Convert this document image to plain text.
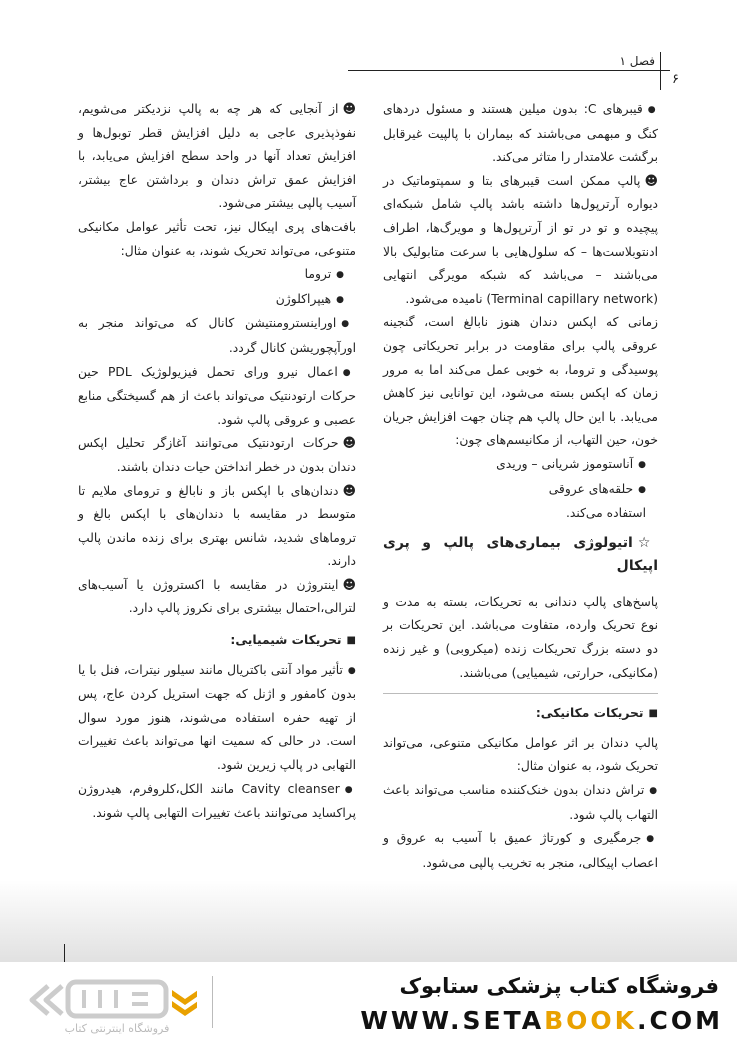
فصل ۱
۶

● قیبرهای C: بدون میلین هستند و مسئول دردهای کنگ و مبهمی می‌باشند که بیماران با پالپیت غیرقابل برگشت علامتدار را متاثر می‌کند.

☻ پالپ ممکن است قیبرهای بتا و سمپتوماتیک در دیواره آرترپول‌ها داشته باشد پالپ شامل شبکه‌ای پیچیده و تو در تو از آرترپول‌ها و مویرگ‌ها، اطراف ادنتوبلاست‌ها – که سلول‌هایی با سرعت متابولیک بالا می‌باشند – می‌باشد که شبکه مویرگی انتهایی (Terminal capillary network) نامیده می‌شود.

زمانی که اپکس دندان هنوز نابالغ است، گنجینه عروقی پالپ برای مقاومت در برابر تحریکاتی چون پوسیدگی و تروما، به خوبی عمل می‌کند اما به مرور زمان که اپکس بسته می‌شود، این توانایی نیز کاهش می‌یابد. با این حال پالپ هم چنان جهت افزایش جریان خون، حین التهاب، از مکانیسم‌های چون:

● آناستوموز شریانی – وریدی

● حلقه‌های عروقی

استفاده می‌کند.

☆ اتیولوژی بیماری‌های پالپ و پری اپیکال

پاسخ‌های پالپ دندانی به تحریکات، بسته به مدت و نوع تحریک وارده، متفاوت می‌باشد. این تحریکات بر دو دسته بزرگ تحریکات زنده (میکروبی) و غیر زنده (مکانیکی، حرارتی، شیمیایی) می‌باشند.

■ تحریکات مکانیکی:

پالپ دندان بر اثر عوامل مکانیکی متنوعی، می‌تواند تحریک شود، به عنوان مثال:

● تراش دندان بدون خنک‌کننده مناسب می‌تواند باعث التهاب پالپ شود.

● جرمگیری و کورتاژ عمیق با آسیب به عروق و اعصاب اپیکالی، منجر به تخریب پالپی می‌شود.

☻ از آنجایی که هر چه به پالپ نزدیکتر می‌شویم، نفوذپذیری عاجی به دلیل افزایش قطر توبول‌ها و افزایش تعداد آنها در واحد سطح افزایش می‌یابد، با افزایش عمق تراش دندان و برداشتن عاج بیشتر، آسیب پالپی بیشتر می‌شود.

بافت‌های پری اپیکال نیز، تحت تأثیر عوامل مکانیکی متنوعی، می‌تواند تحریک شوند، به عنوان مثال:

● تروما

● هیپراکلوژن

● اوراینسترومنتیشن کانال که می‌تواند منجر به اورآپچوریشن کانال گردد.

● اعمال نیرو ورای تحمل فیزیولوژیک PDL حین حرکات ارتودنتیک می‌تواند باعث از هم گسیختگی منابع عصبی و عروقی پالپ شود.

☻ حرکات ارتودنتیک می‌توانند آغازگر تحلیل اپکس دندان بدون در خطر انداختن حیات دندان باشند.

☻ دندان‌های با اپکس باز و نابالغ و ترومای ملایم تا متوسط در مقایسه با دندان‌های با اپکس بالغ و تروماهای شدید، شانس بهتری برای زنده ماندن پالپ دارند.

☻ اینتروژن در مقایسه با اکستروژن یا آسیب‌های لترالی،احتمال بیشتری برای نکروز پالپ دارد.

■ تحریکات شیمیایی:

● تأثیر مواد آنتی باکتریال مانند سیلور نیترات، فنل با یا بدون کامفور و اژنل که جهت استریل کردن عاج، پس از تهیه حفره استفاده می‌شوند، هنوز مورد سوال است. در حالی که سمیت انها می‌تواند باعث تغییرات التهابی در پالپ زیرین شود.

● Cavity cleanser مانند الکل،کلروفرم، هیدروژن پراکساید می‌توانند باعث تغییرات التهابی پالپ شوند.

فروشگاه اینترنتی کتاب
فروشگاه کتاب پزشکی ستابوک
WWW.SETABOOK.COM
